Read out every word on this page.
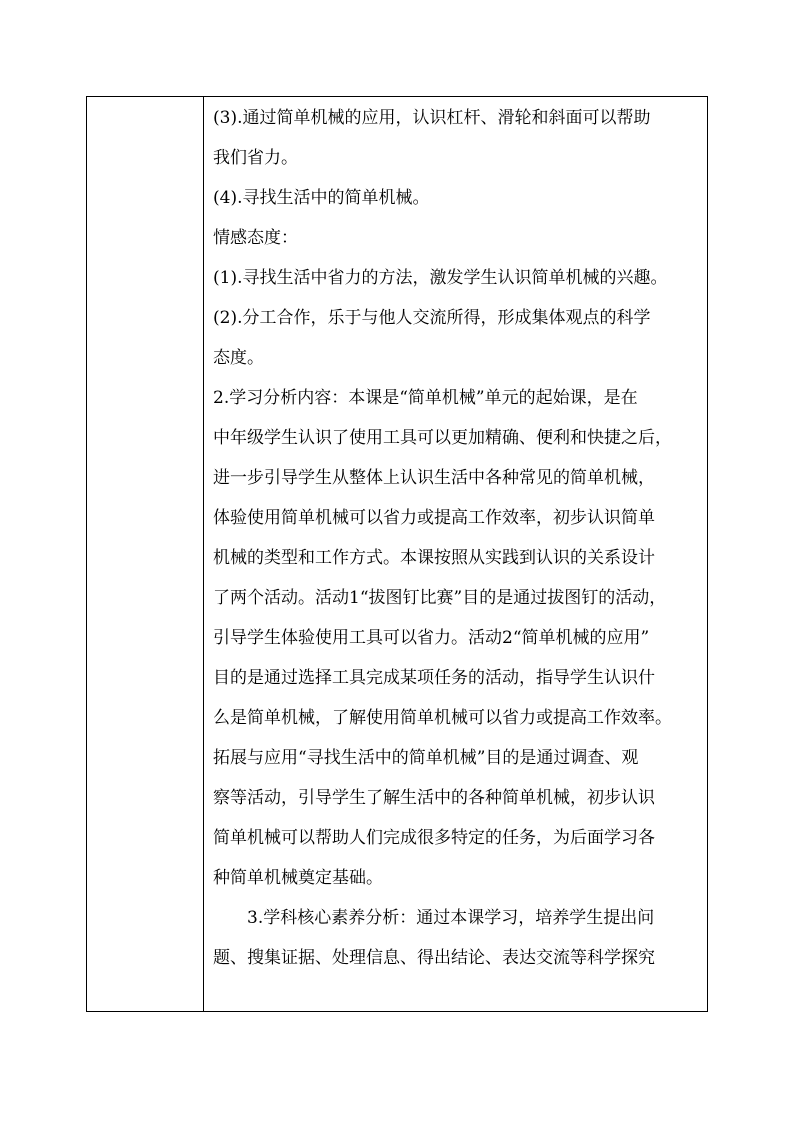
(3).通过简单机械的应用，认识杠杆、滑轮和斜面可以帮助
我们省力。
(4).寻找生活中的简单机械。
情感态度：
(1).寻找生活中省力的方法，激发学生认识简单机械的兴趣。
(2).分工合作，乐于与他人交流所得，形成集体观点的科学
态度。
2.学习分析内容：本课是“简单机械”单元的起始课，是在
中年级学生认识了使用工具可以更加精确、便利和快捷之后，
进一步引导学生从整体上认识生活中各种常见的简单机械，
体验使用简单机械可以省力或提高工作效率，初步认识简单
机械的类型和工作方式。本课按照从实践到认识的关系设计
了两个活动。活动1“拔图钉比赛”目的是通过拔图钉的活动，
引导学生体验使用工具可以省力。活动2“简单机械的应用”
目的是通过选择工具完成某项任务的活动，指导学生认识什
么是简单机械，了解使用简单机械可以省力或提高工作效率。
拓展与应用“寻找生活中的简单机械”目的是通过调查、观
察等活动，引导学生了解生活中的各种简单机械，初步认识
简单机械可以帮助人们完成很多特定的任务，为后面学习各
种简单机械奠定基础。
3.学科核心素养分析：通过本课学习，培养学生提出问
题、搜集证据、处理信息、得出结论、表达交流等科学探究
